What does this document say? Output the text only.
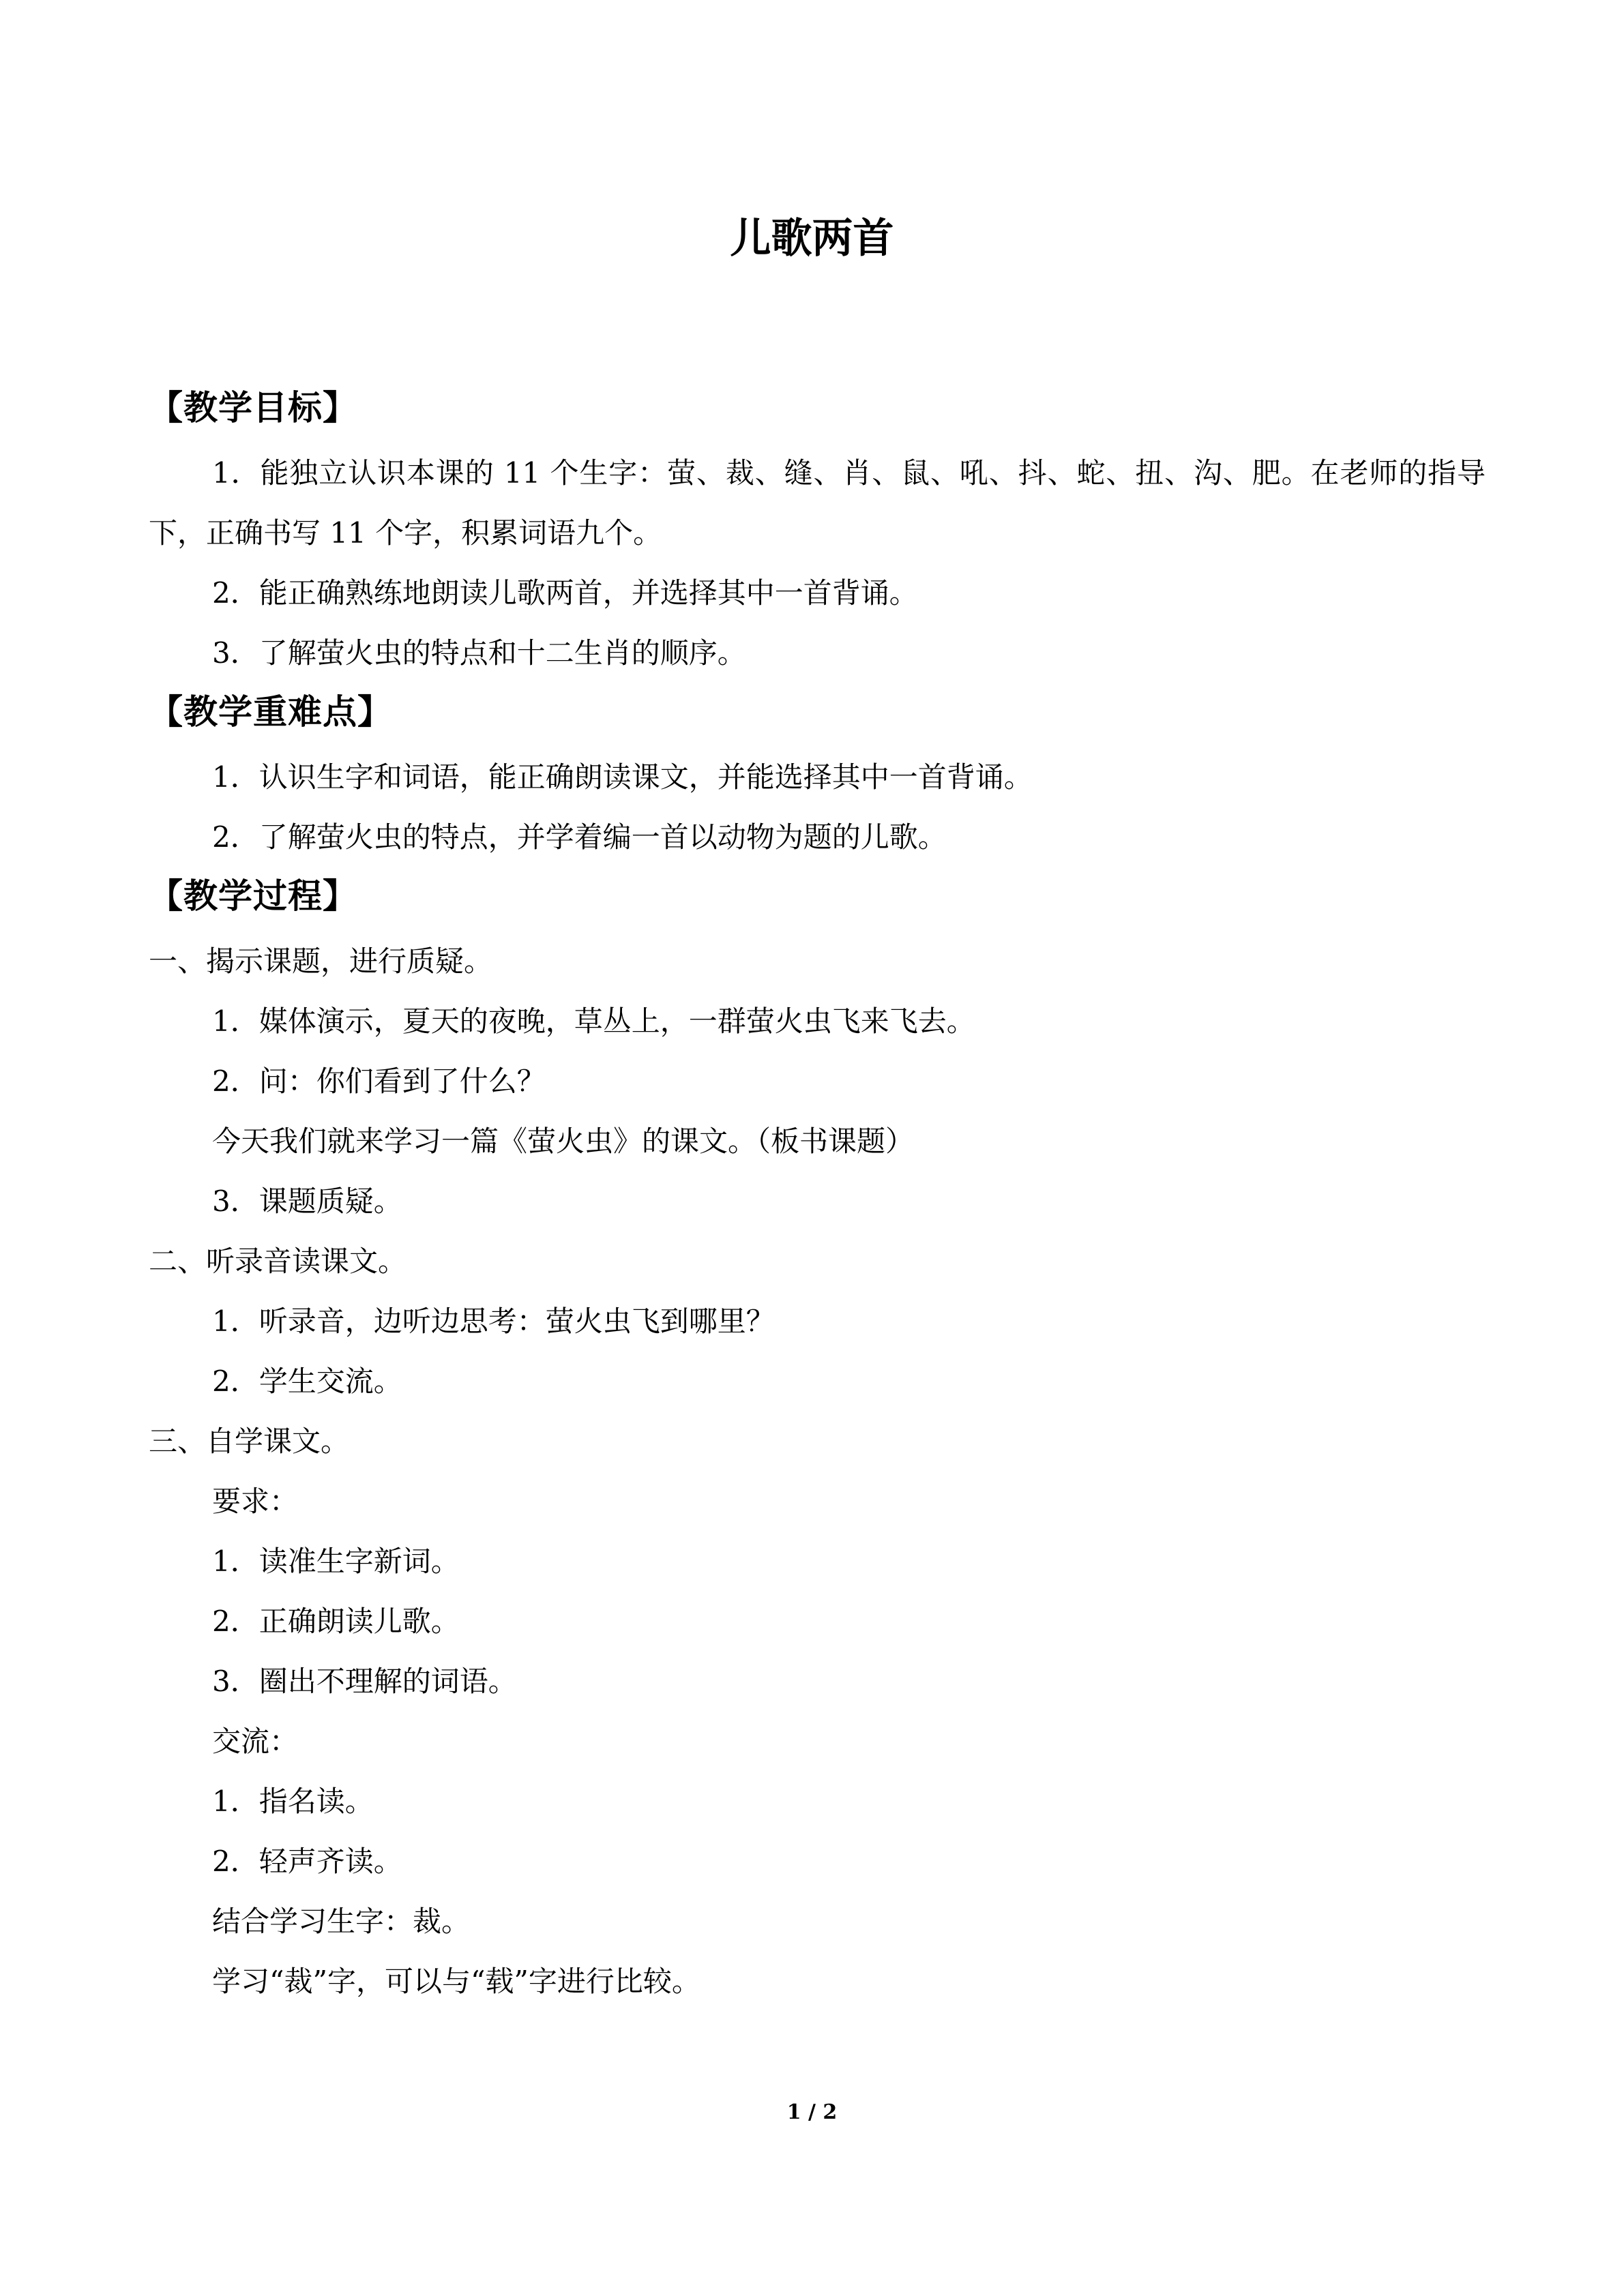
儿歌两首
【教学目标】

1．能独立认识本课的 11 个生字：萤、裁、缝、肖、鼠、吼、抖、蛇、扭、沟、肥。在老师的指导下，正确书写 11 个字，积累词语九个。

2．能正确熟练地朗读儿歌两首，并选择其中一首背诵。

3．了解萤火虫的特点和十二生肖的顺序。

【教学重难点】

1．认识生字和词语，能正确朗读课文，并能选择其中一首背诵。

2．了解萤火虫的特点，并学着编一首以动物为题的儿歌。

【教学过程】

一、揭示课题，进行质疑。

1．媒体演示，夏天的夜晚，草丛上，一群萤火虫飞来飞去。

2．问：你们看到了什么？

今天我们就来学习一篇《萤火虫》的课文。（板书课题）

3．课题质疑。

二、听录音读课文。

1．听录音，边听边思考：萤火虫飞到哪里？

2．学生交流。

三、自学课文。

要求：

1．读准生字新词。

2．正确朗读儿歌。

3．圈出不理解的词语。

交流：

1．指名读。

2．轻声齐读。

结合学习生字：裁。

学习“裁”字，可以与“载”字进行比较。

1 / 2
